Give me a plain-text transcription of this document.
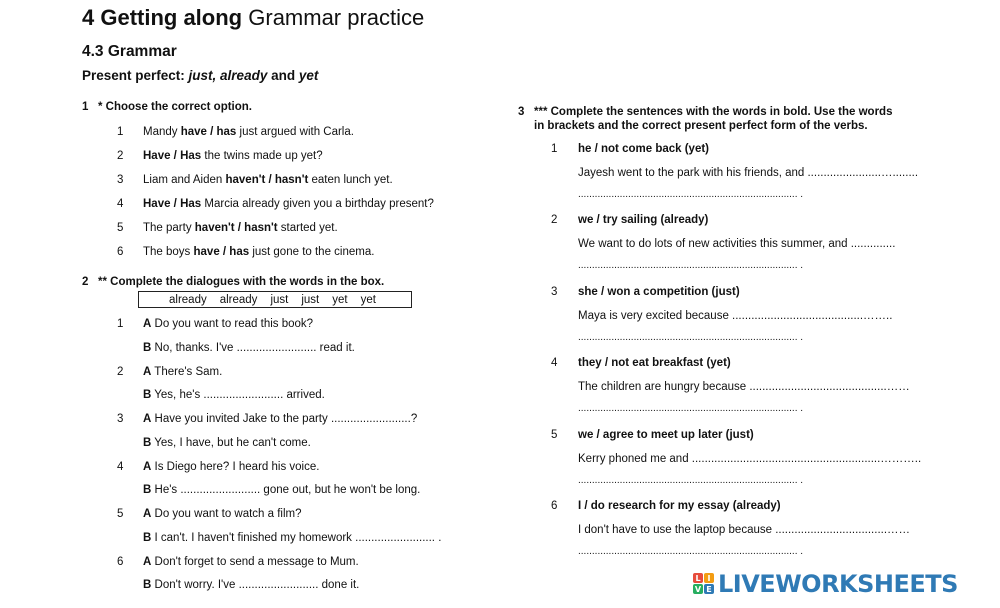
4 Getting along Grammar practice
4.3 Grammar
Present perfect: just, already and yet
1 * Choose the correct option.
1 Mandy have / has just argued with Carla.
2 Have / Has the twins made up yet?
3 Liam and Aiden haven't / hasn't eaten lunch yet.
4 Have / Has Marcia already given you a birthday present?
5 The party haven't / hasn't started yet.
6 The boys have / has just gone to the cinema.
2 ** Complete the dialogues with the words in the box.
already already just just yet yet
1 A Do you want to read this book?
B No, thanks. I've ......................... read it.
2 A There's Sam.
B Yes, he's ......................... arrived.
3 A Have you invited Jake to the party .........................?
B Yes, I have, but he can't come.
4 A Is Diego here? I heard his voice.
B He's ......................... gone out, but he won't be long.
5 A Do you want to watch a film?
B I can't. I haven't finished my homework ......................... .
6 A Don't forget to send a message to Mum.
B Don't worry. I've ......................... done it.
3 *** Complete the sentences with the words in bold. Use the words
in brackets and the correct present perfect form of the verbs.
1 he / not come back (yet)
Jayesh went to the park with his friends, and .......................…........
............................................................................... .
2 we / try sailing (already)
We want to do lots of new activities this summer, and ..............
............................................................................... .
3 she / won a competition (just)
Maya is very excited because .........................................……..
............................................................................... .
4 they / not eat breakfast (yet)
The children are hungry because ...........................................……
............................................................................... .
5 we / agree to meet up later (just)
Kerry phoned me and ...........................................................………..
............................................................................... .
6 I / do research for my essay (already)
I don't have to use the laptop because ...................................……
............................................................................... .
L I
V E LIVEWORKSHEETS
